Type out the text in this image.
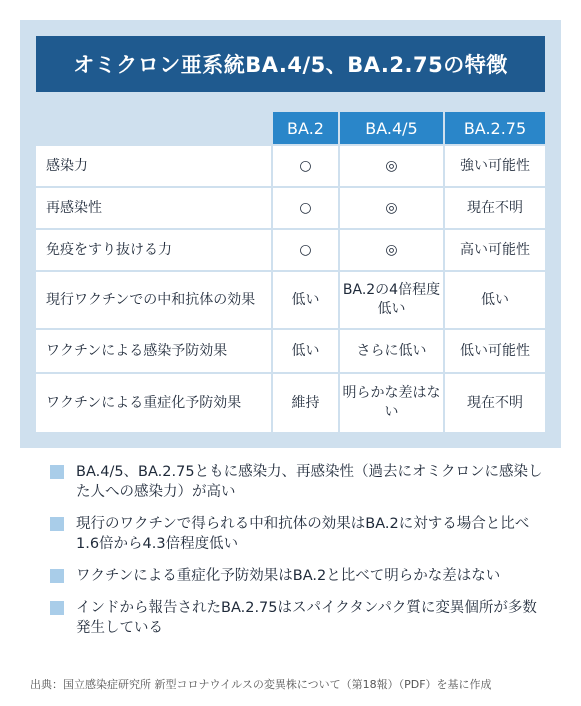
オミクロン亜系統BA.4/5、BA.2.75の特徴
	BA.2	BA.4/5	BA.2.75
感染力	○	◎	強い可能性
再感染性	○	◎	現在不明
免疫をすり抜ける力	○	◎	高い可能性
現行ワクチンでの中和抗体の効果	低い	BA.2の4倍程度低い	低い
ワクチンによる感染予防効果	低い	さらに低い	低い可能性
ワクチンによる重症化予防効果	維持	明らかな差はない	現在不明
BA.4/5、BA.2.75ともに感染力、再感染性（過去にオミクロンに感染した人への感染力）が高い
現行のワクチンで得られる中和抗体の効果はBA.2に対する場合と比べ1.6倍から4.3倍程度低い
ワクチンによる重症化予防効果はBA.2と比べて明らかな差はない
インドから報告されたBA.2.75はスパイクタンパク質に変異個所が多数発生している
出典：国立感染症研究所 新型コロナウイルスの変異株について（第18報）（PDF）を基に作成
